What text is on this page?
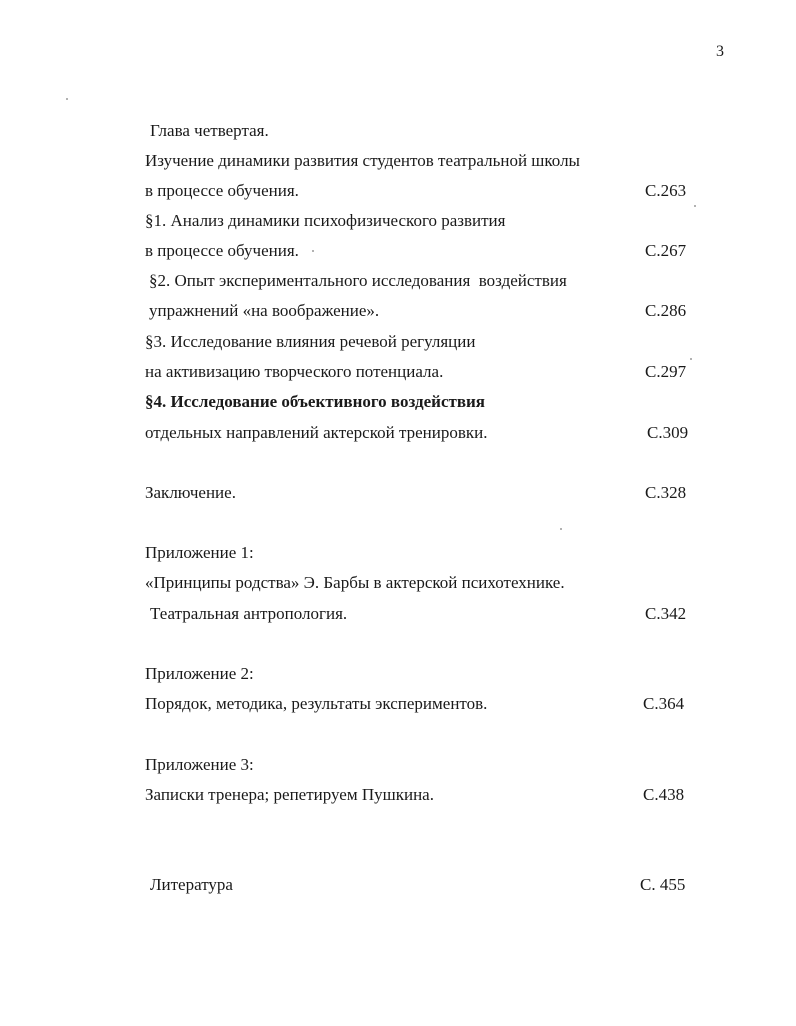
3
Глава четвертая.
Изучение динамики развития студентов театральной школы
в процессе обучения.	С.263
§1. Анализ динамики психофизического развития
в процессе обучения.	С.267
§2. Опыт экспериментального исследования  воздействия
упражнений «на воображение».	С.286
§3. Исследование влияния речевой регуляции
на активизацию творческого потенциала.	С.297
§4. Исследование объективного воздействия
отдельных направлений актерской тренировки.	С.309
Заключение.	С.328
Приложение 1:
«Принципы родства» Э. Барбы в актерской психотехнике.
Театральная антропология.	С.342
Приложение 2:
Порядок, методика, результаты экспериментов.	С.364
Приложение 3:
Записки тренера; репетируем Пушкина.	С.438
Литература	С. 455
